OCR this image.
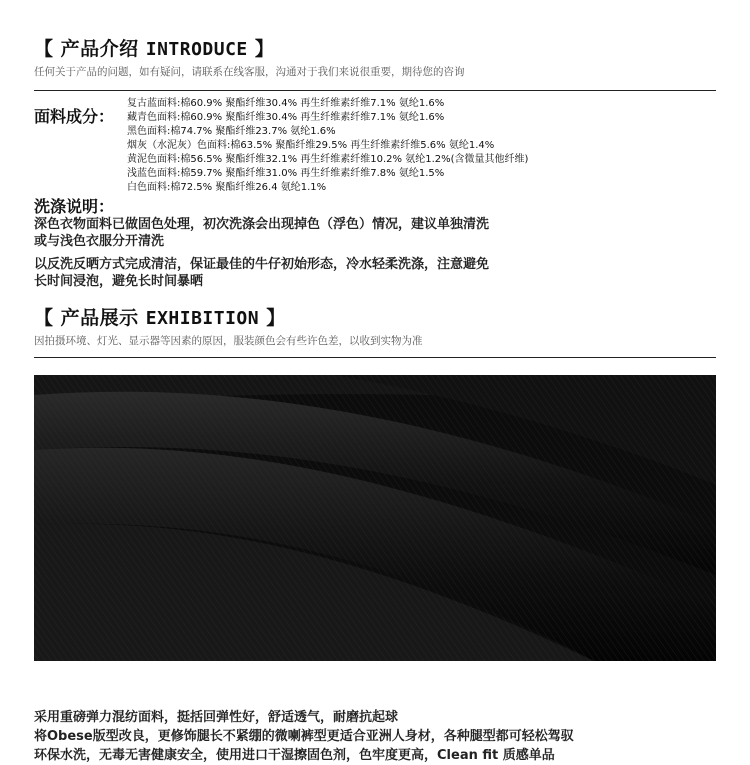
【 产品介绍 INTRODUCE 】
任何关于产品的问题，如有疑问，请联系在线客服，沟通对于我们来说很重要，期待您的咨询
面料成分：
复古蓝面料:棉60.9% 聚酯纤维30.4% 再生纤维素纤维7.1% 氨纶1.6%
藏青色面料:棉60.9% 聚酯纤维30.4% 再生纤维素纤维7.1% 氨纶1.6%
黑色面料:棉74.7% 聚酯纤维23.7% 氨纶1.6%
烟灰（水泥灰）色面料:棉63.5% 聚酯纤维29.5% 再生纤维素纤维5.6% 氨纶1.4%
黄泥色面料:棉56.5% 聚酯纤维32.1% 再生纤维素纤维10.2% 氨纶1.2%(含微量其他纤维)
浅蓝色面料:棉59.7% 聚酯纤维31.0% 再生纤维素纤维7.8% 氨纶1.5%
白色面料:棉72.5% 聚酯纤维26.4 氨纶1.1%
洗涤说明：

深色衣物面料已做固色处理，初次洗涤会出现掉色（浮色）情况，建议单独清洗

或与浅色衣服分开清洗

以反洗反晒方式完成清洁，保证最佳的牛仔初始形态，冷水轻柔洗涤，注意避免

长时间浸泡，避免长时间暴晒

【 产品展示 EXHIBITION 】
因拍摄环境、灯光、显示器等因素的原因，服装颜色会有些许色差，以收到实物为准
采用重磅弹力混纺面料，挺括回弹性好，舒适透气，耐磨抗起球
将Obese版型改良，更修饰腿长不紧绷的微喇裤型更适合亚洲人身材，各种腿型都可轻松驾驭
环保水洗，无毒无害健康安全，使用进口干湿擦固色剂，色牢度更高，Clean fit 质感单品
